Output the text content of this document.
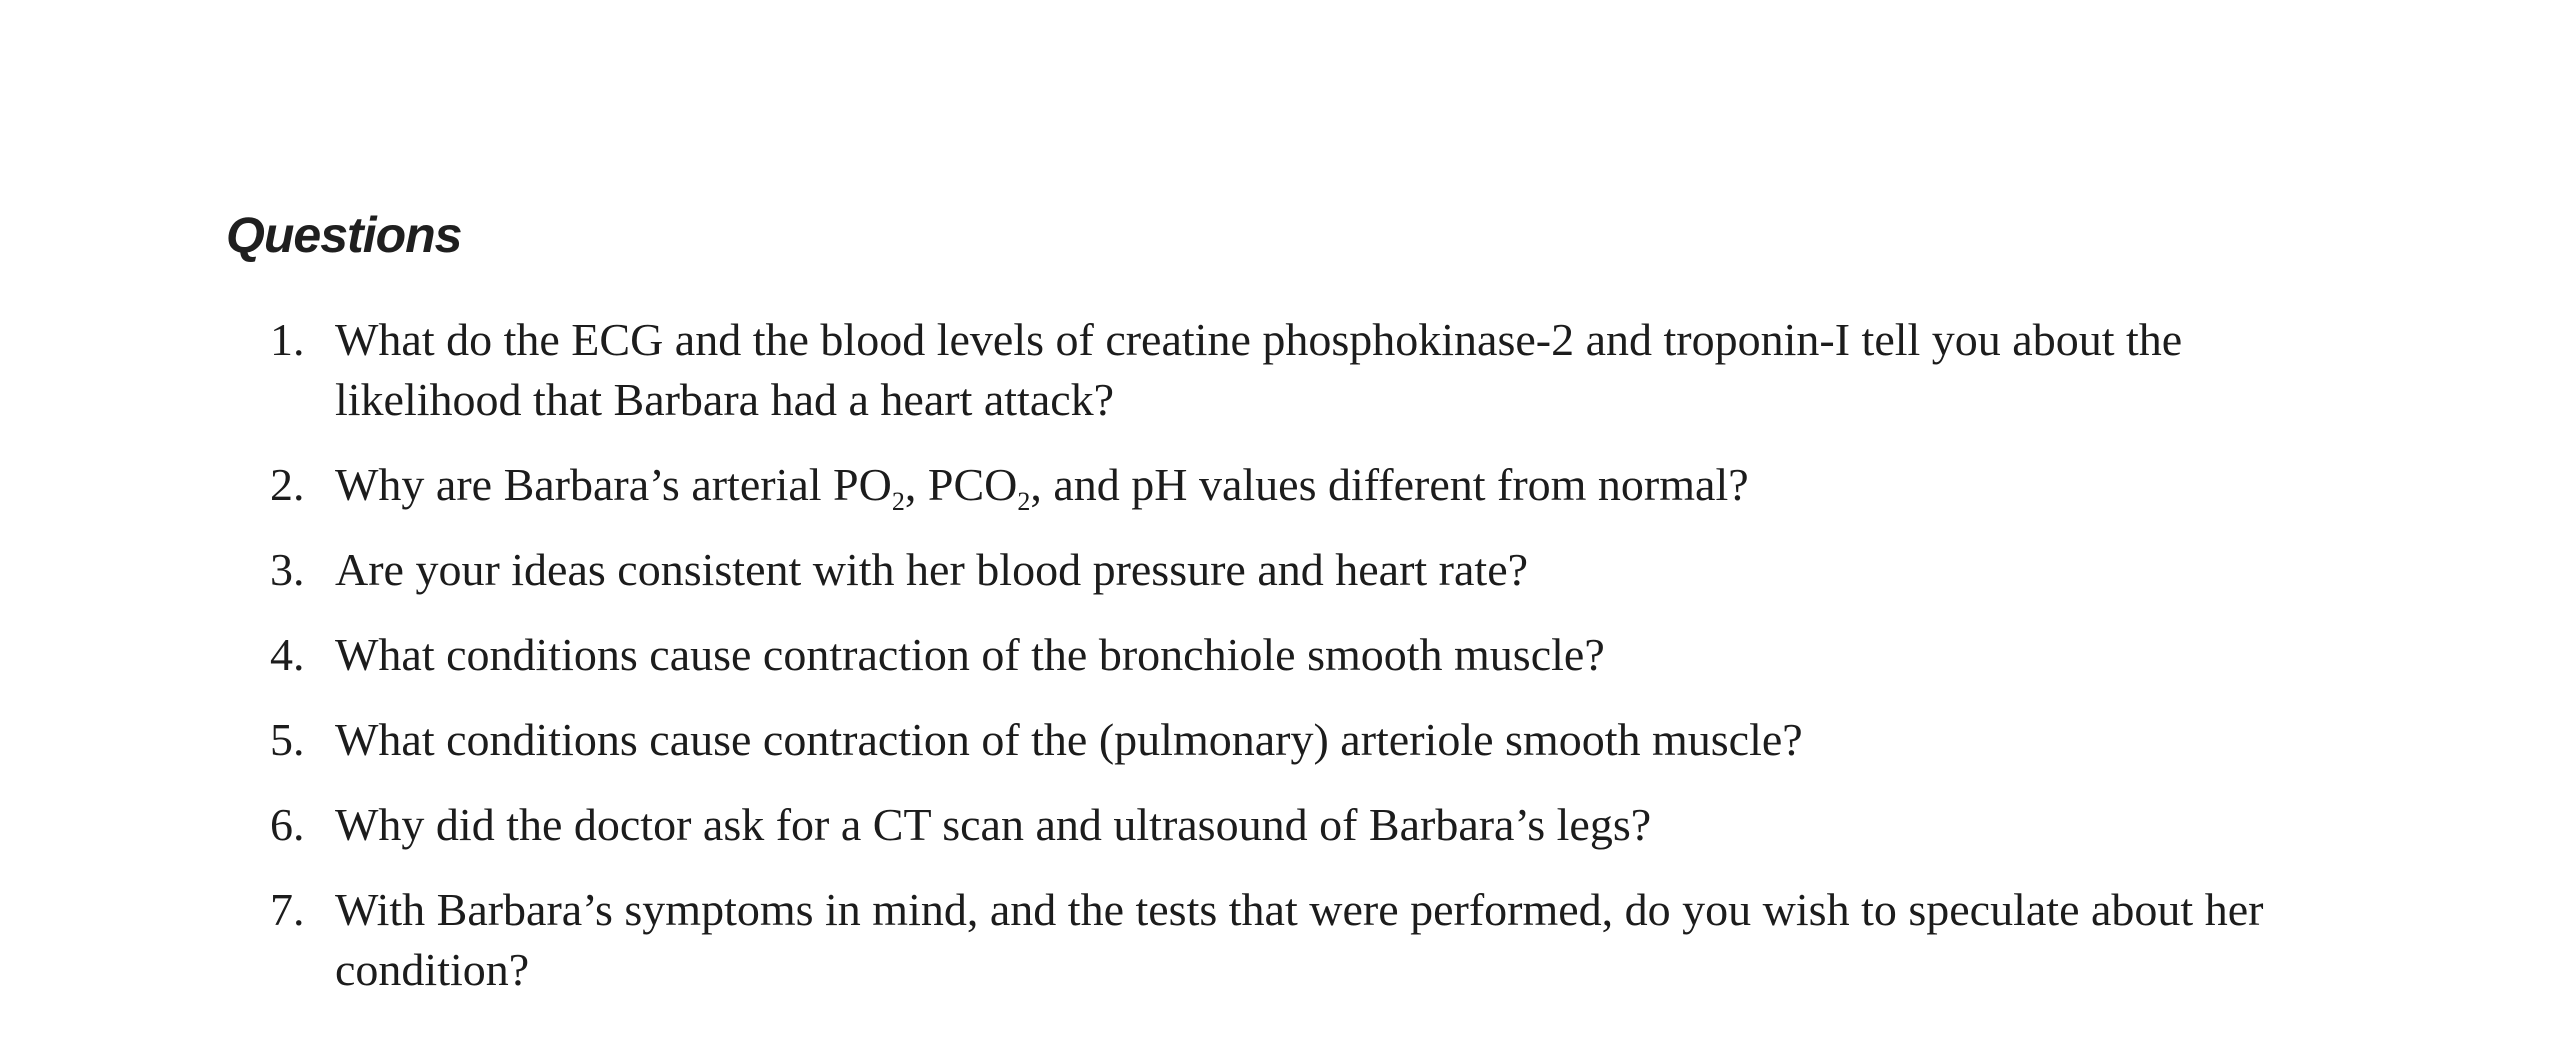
Questions
1. What do the ECG and the blood levels of creatine phosphokinase-2 and troponin-I tell you about the likelihood that Barbara had a heart attack?
2. Why are Barbara’s arterial $PO_2$, $PCO_2$, and pH values different from normal?
3. Are your ideas consistent with her blood pressure and heart rate?
4. What conditions cause contraction of the bronchiole smooth muscle?
5. What conditions cause contraction of the (pulmonary) arteriole smooth muscle?
6. Why did the doctor ask for a CT scan and ultrasound of Barbara’s legs?
7. With Barbara’s symptoms in mind, and the tests that were performed, do you wish to speculate about her condition?
